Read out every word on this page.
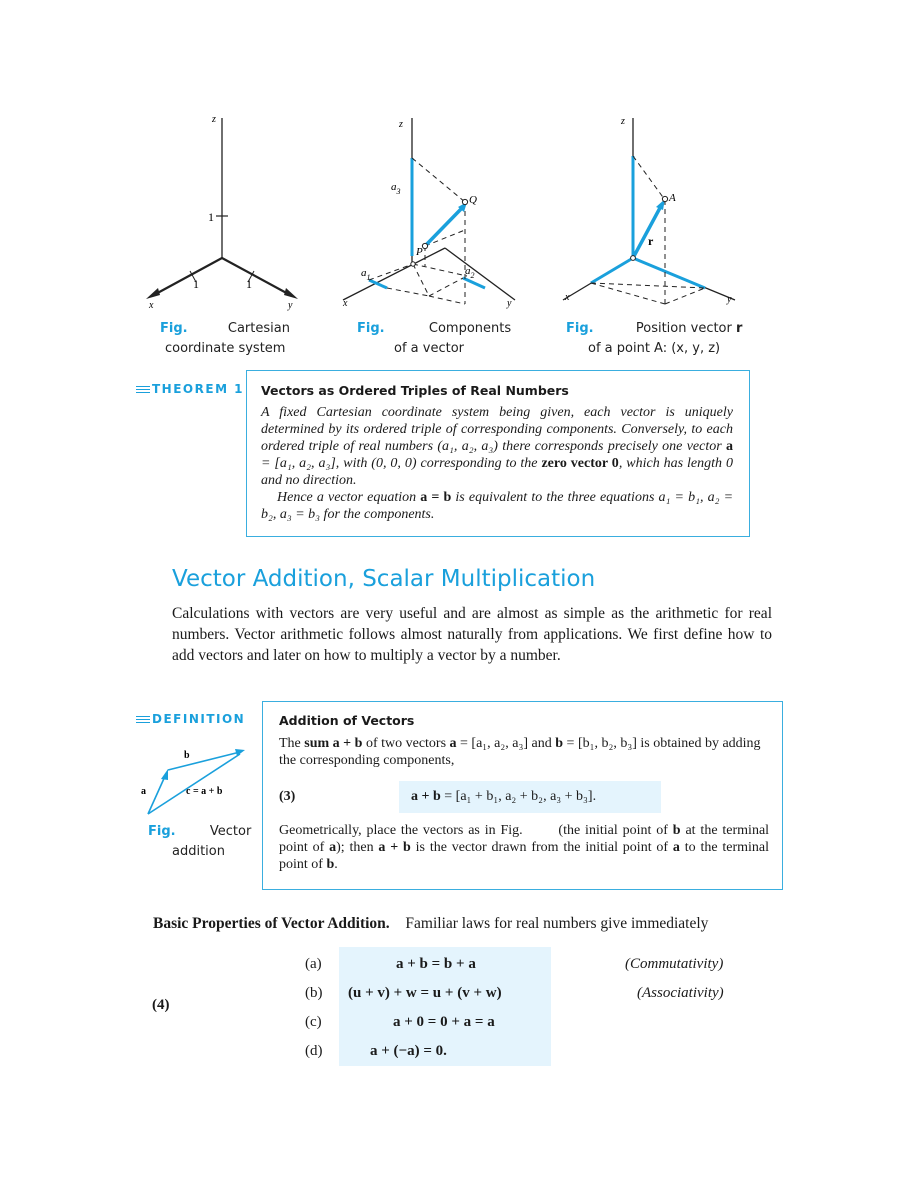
z
1
1	1
x	y
Fig.	Cartesian
coordinate system
z
x	y
P
Q
$a_3$
$a_1$
$a_2$
Fig.	Components
of a vector
z
x	y
A
r
Fig.	Position vector r
of a point A: (x, y, z)
THEOREM 1 Vectors as Ordered Triples of Real Numbers
A fixed Cartesian coordinate system being given, each vector is uniquely determined by its ordered triple of corresponding components. Conversely, to each ordered triple of real numbers (a₁, a₂, a₃) there corresponds precisely one vector a = [a₁, a₂, a₃], with (0, 0, 0) corresponding to the zero vector 0, which has length 0 and no direction.
Hence a vector equation a = b is equivalent to the three equations a₁ = b₁, a₂ = b₂, a₃ = b₃ for the components.
Vector Addition, Scalar Multiplication
Calculations with vectors are very useful and are almost as simple as the arithmetic for real numbers. Vector arithmetic follows almost naturally from applications. We first define how to add vectors and later on how to multiply a vector by a number.
DEFINITION
a
b
c = a + b
Fig.	Vector
addition
Addition of Vectors
The sum a + b of two vectors a = [a₁, a₂, a₃] and b = [b₁, b₂, b₃] is obtained by adding the corresponding components,
(3)	a + b = [a₁ + b₁, a₂ + b₂, a₃ + b₃].
Geometrically, place the vectors as in Fig.	(the initial point of b at the terminal point of a); then a + b is the vector drawn from the initial point of a to the terminal point of b.
Basic Properties of Vector Addition. Familiar laws for real numbers give immediately
(4)
(a)	a + b = b + a	(Commutativity)
(b) (u + v) + w = u + (v + w)	(Associativity)
(c)	a + 0 = 0 + a = a
(d)	a + (−a) = 0.
